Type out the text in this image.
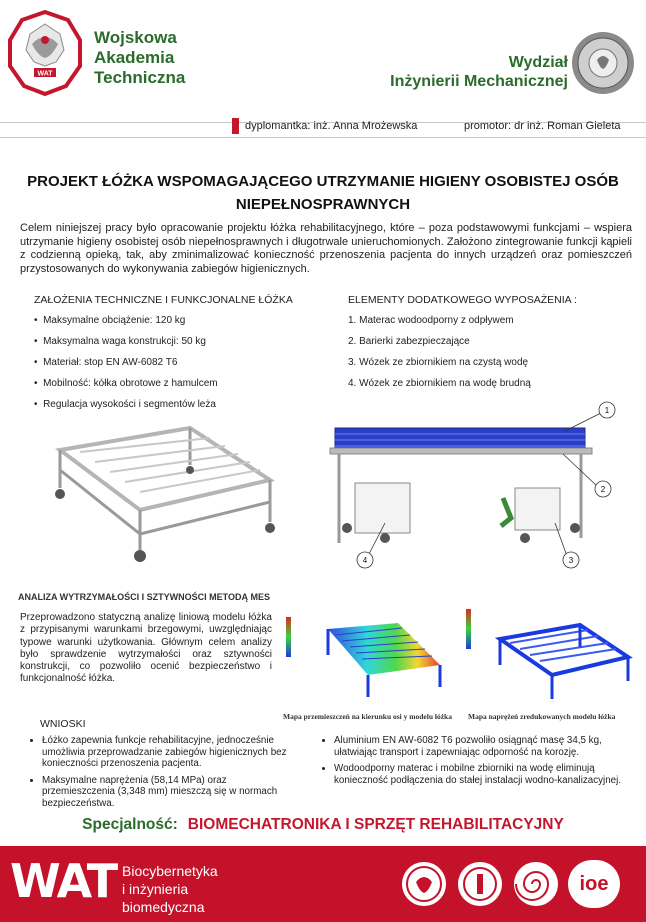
WAT
Wojskowa
Akademia
Techniczna
Wydział
Inżynierii Mechanicznej
dyplomantka: inż. Anna Mrożewska	promotor: dr inż. Roman Gieleta
PROJEKT ŁÓŻKA WSPOMAGAJĄCEGO UTRZYMANIE HIGIENY OSOBISTEJ OSÓB
NIEPEŁNOSPRAWNYCH
Celem niniejszej pracy było opracowanie projektu łóżka rehabilitacyjnego, które – poza podstawowymi funkcjami – wspiera utrzymanie higieny osobistej osób niepełnosprawnych i długotrwale unieruchomionych. Założono zintegrowanie funkcji kąpieli z codzienną opieką, tak, aby zminimalizować konieczność przenoszenia pacjenta do innych urządzeń oraz pomieszczeń przystosowanych do wykonywania zabiegów higienicznych.
ZAŁOŻENIA TECHNICZNE I FUNKCJONALNE ŁÓŻKA
•  Maksymalne obciążenie: 120 kg
•  Maksymalna waga konstrukcji: 50 kg
•  Materiał: stop EN AW-6082 T6
•  Mobilność: kółka obrotowe z hamulcem
•  Regulacja wysokości i segmentów leża
ELEMENTY DODATKOWEGO WYPOSAŻENIA :
1. Materac wodoodporny z odpływem
2. Barierki zabezpieczające
3. Wózek ze zbiornikiem na czystą wodę
4. Wózek ze zbiornikiem na wodę brudną
1
2
3
4
ANALIZA WYTRZYMAŁOŚCI I SZTYWNOŚCI METODĄ MES
Przeprowadzono statyczną analizę liniową modelu łóżka z przypisanymi warunkami brzegowymi, uwzględniając typowe warunki użytkowania. Głównym celem analizy było sprawdzenie wytrzymałości oraz sztywności konstrukcji, co pozwoliło ocenić bezpieczeństwo i funkcjonalność łóżka.
Mapa przemieszczeń na kierunku osi y modelu łóżka Mapa naprężeń zredukowanych modelu łóżka
WNIOSKI
• Łóżko zapewnia funkcje rehabilitacyjne, jednocześnie umożliwia przeprowadzanie zabiegów higienicznych bez konieczności przenoszenia pacjenta.
• Maksymalne naprężenia (58,14 MPa) oraz przemieszczenia (3,348 mm) mieszczą się w normach bezpieczeństwa.
• Aluminium EN AW-6082 T6 pozwoliło osiągnąć masę 34,5 kg, ułatwiając transport i zapewniając odporność na korozję.
• Wodoodporny materac i mobilne zbiorniki na wodę eliminują konieczność podłączenia do stałej instalacji wodno-kanalizacyjnej.
Specjalność: BIOMECHATRONIKA I SPRZĘT REHABILITACYJNY
WAT Biocybernetyka
i inżynieria
biomedyczna
ioe
